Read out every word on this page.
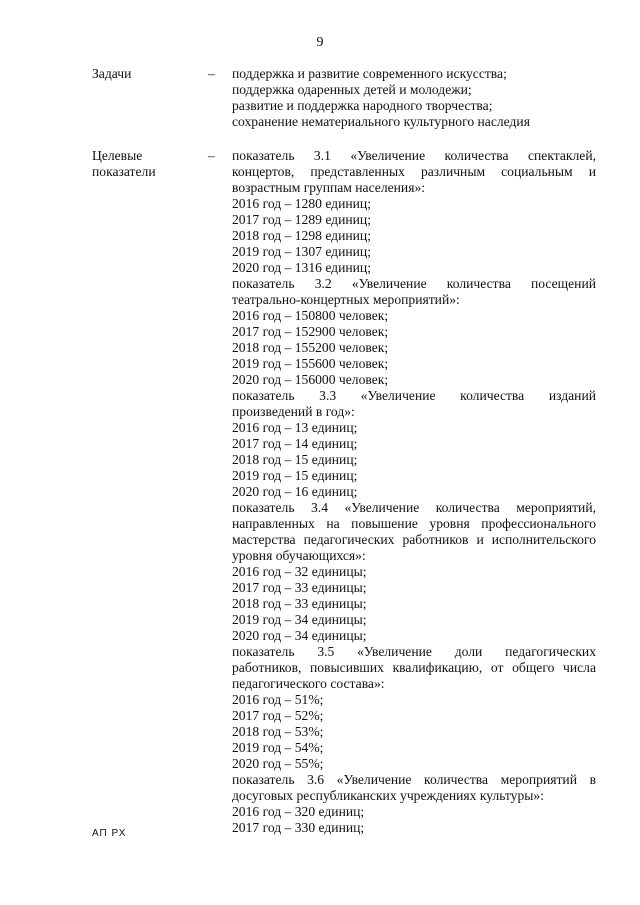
9
Задачи	– поддержка и развитие современного искусства;
поддержка одаренных детей и молодежи;
развитие и поддержка народного творчества;
сохранение нематериального культурного наследия
Целевые
показатели
– показатель 3.1 «Увеличение количества спектаклей,
концертов, представленных различным социальным и
возрастным группам населения»:
2016 год – 1280 единиц;
2017 год – 1289 единиц;
2018 год – 1298 единиц;
2019 год – 1307 единиц;
2020 год – 1316 единиц;
показатель 3.2 «Увеличение количества посещений
театрально-концертных мероприятий»:
2016 год – 150800 человек;
2017 год – 152900 человек;
2018 год – 155200 человек;
2019 год – 155600 человек;
2020 год – 156000 человек;
показатель 3.3 «Увеличение количества изданий
произведений в год»:
2016 год – 13 единиц;
2017 год – 14 единиц;
2018 год – 15 единиц;
2019 год – 15 единиц;
2020 год – 16 единиц;
показатель 3.4 «Увеличение количества мероприятий,
направленных на повышение уровня профессионального
мастерства педагогических работников и исполнительского
уровня обучающихся»:
2016 год – 32 единицы;
2017 год – 33 единицы;
2018 год – 33 единицы;
2019 год – 34 единицы;
2020 год – 34 единицы;
показатель 3.5 «Увеличение доли педагогических
работников, повысивших квалификацию, от общего числа
педагогического состава»:
2016 год – 51%;
2017 год – 52%;
2018 год – 53%;
2019 год – 54%;
2020 год – 55%;
показатель 3.6 «Увеличение количества мероприятий в
досуговых республиканских учреждениях культуры»:
2016 год – 320 единиц;
2017 год – 330 единиц;
АП РХ
